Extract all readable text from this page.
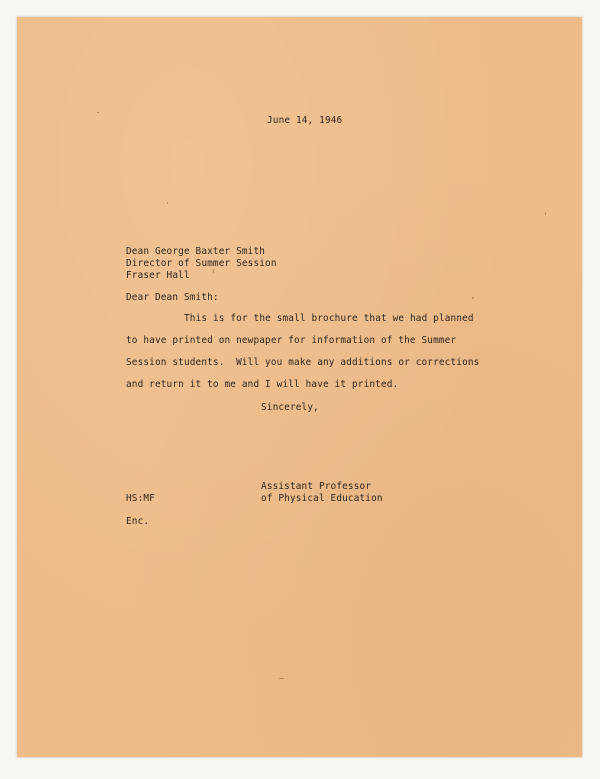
June 14, 1946

Dean George Baxter Smith

Director of Summer Session

Fraser Hall

Dear Dean Smith:

This is for the small brochure that we had planned

to have printed on newpaper for information of the Summer

Session students.  Will you make any additions or corrections

and return it to me and I will have it printed.

Sincerely,

Assistant Professor

of Physical Education

HS:MF

Enc.
